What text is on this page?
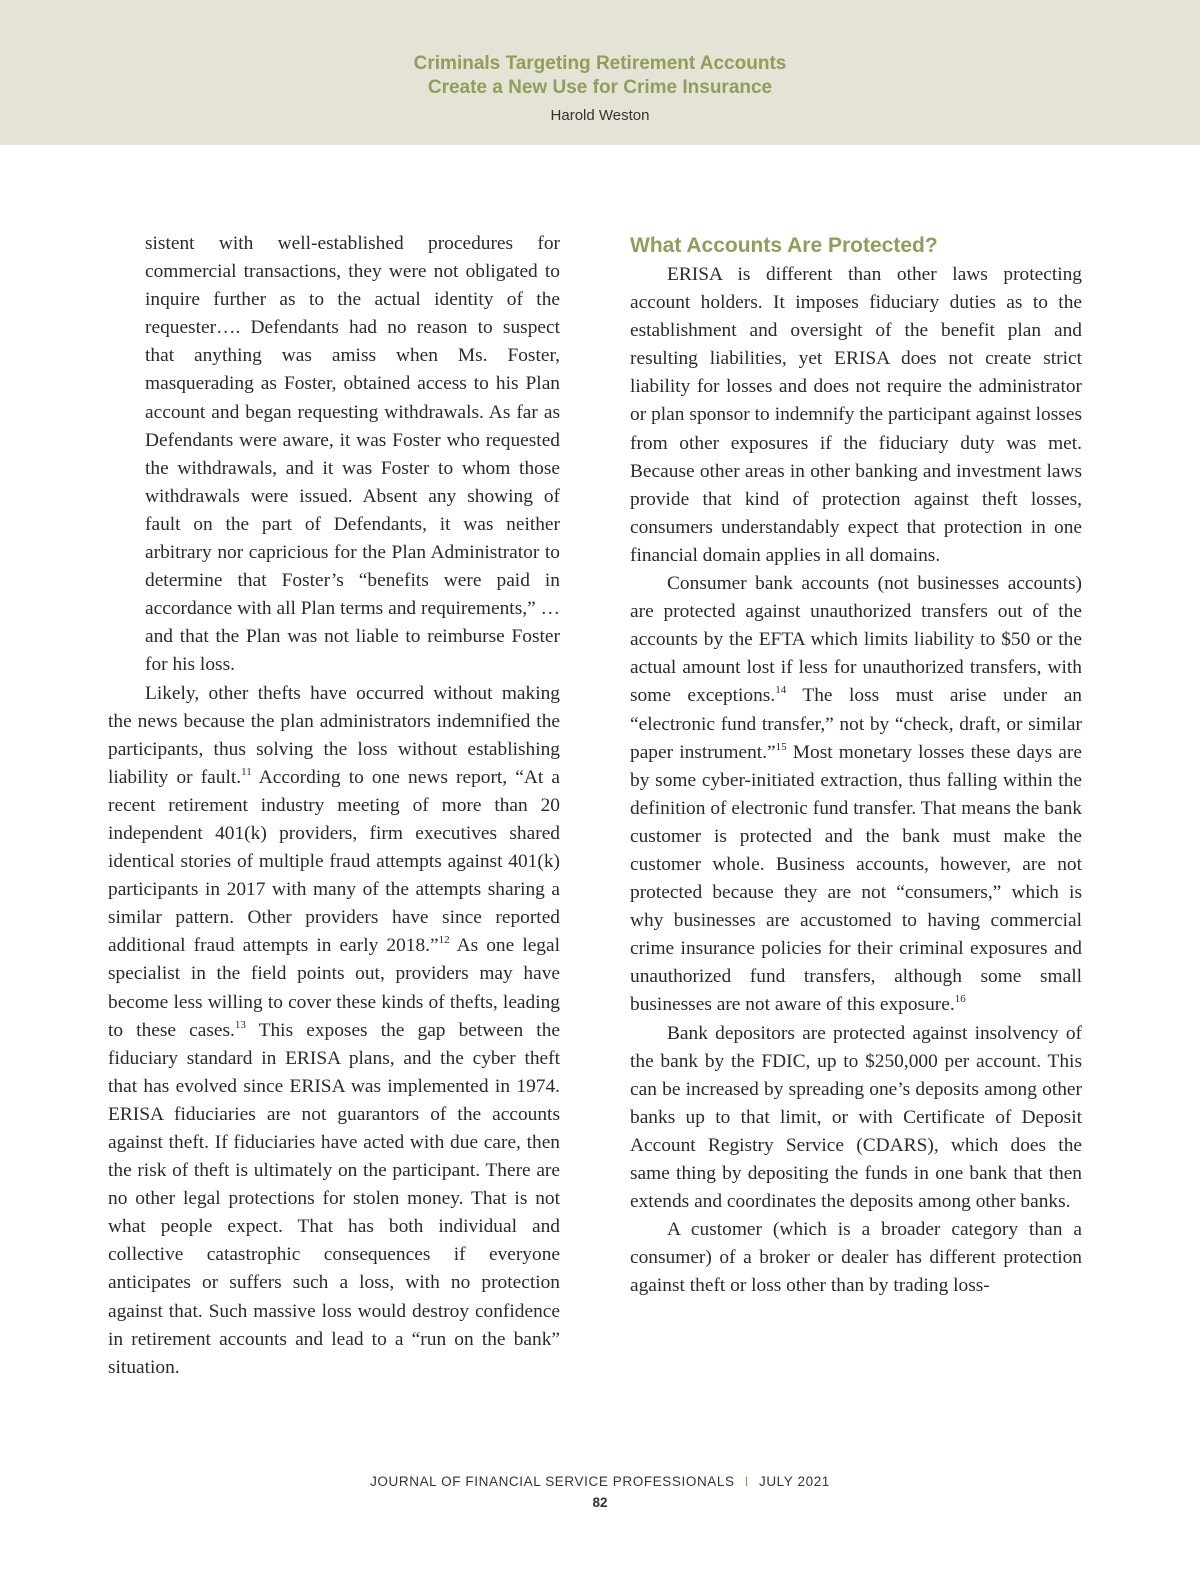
Criminals Targeting Retirement Accounts
Create a New Use for Crime Insurance
Harold Weston

sistent with well-established procedures for commercial transactions, they were not obligated to inquire further as to the actual identity of the requester…. Defendants had no reason to suspect that anything was amiss when Ms. Foster, masquerading as Foster, obtained access to his Plan account and began requesting withdrawals. As far as Defendants were aware, it was Foster who requested the withdrawals, and it was Foster to whom those withdrawals were issued. Absent any showing of fault on the part of Defendants, it was neither arbitrary nor capricious for the Plan Administrator to determine that Foster’s “benefits were paid in accordance with all Plan terms and requirements,” … and that the Plan was not liable to reimburse Foster for his loss.

Likely, other thefts have occurred without making the news because the plan administrators indemnified the participants, thus solving the loss without establishing liability or fault.$^{11}$ According to one news report, “At a recent retirement industry meeting of more than 20 independent 401(k) providers, firm executives shared identical stories of multiple fraud attempts against 401(k) participants in 2017 with many of the attempts sharing a similar pattern. Other providers have since reported additional fraud attempts in early 2018.”$^{12}$ As one legal specialist in the field points out, providers may have become less willing to cover these kinds of thefts, leading to these cases.$^{13}$ This exposes the gap between the fiduciary standard in ERISA plans, and the cyber theft that has evolved since ERISA was implemented in 1974. ERISA fiduciaries are not guarantors of the accounts against theft. If fiduciaries have acted with due care, then the risk of theft is ultimately on the participant. There are no other legal protections for stolen money. That is not what people expect. That has both individual and collective catastrophic consequences if everyone anticipates or suffers such a loss, with no protection against that. Such massive loss would destroy confidence in retirement accounts and lead to a “run on the bank” situation.

What Accounts Are Protected?

ERISA is different than other laws protecting account holders. It imposes fiduciary duties as to the establishment and oversight of the benefit plan and resulting liabilities, yet ERISA does not create strict liability for losses and does not require the administrator or plan sponsor to indemnify the participant against losses from other exposures if the fiduciary duty was met. Because other areas in other banking and investment laws provide that kind of protection against theft losses, consumers understandably expect that protection in one financial domain applies in all domains.

Consumer bank accounts (not businesses accounts) are protected against unauthorized transfers out of the accounts by the EFTA which limits liability to $50 or the actual amount lost if less for unauthorized transfers, with some exceptions.$^{14}$ The loss must arise under an “electronic fund transfer,” not by “check, draft, or similar paper instrument.”$^{15}$ Most monetary losses these days are by some cyber-initiated extraction, thus falling within the definition of electronic fund transfer. That means the bank customer is protected and the bank must make the customer whole. Business accounts, however, are not protected because they are not “consumers,” which is why businesses are accustomed to having commercial crime insurance policies for their criminal exposures and unauthorized fund transfers, although some small businesses are not aware of this exposure.$^{16}$

Bank depositors are protected against insolvency of the bank by the FDIC, up to $250,000 per account. This can be increased by spreading one’s deposits among other banks up to that limit, or with Certificate of Deposit Account Registry Service (CDARS), which does the same thing by depositing the funds in one bank that then extends and coordinates the deposits among other banks.

A customer (which is a broader category than a consumer) of a broker or dealer has different protection against theft or loss other than by trading loss-

JOURNAL OF FINANCIAL SERVICE PROFESSIONALS I JULY 2021
82
